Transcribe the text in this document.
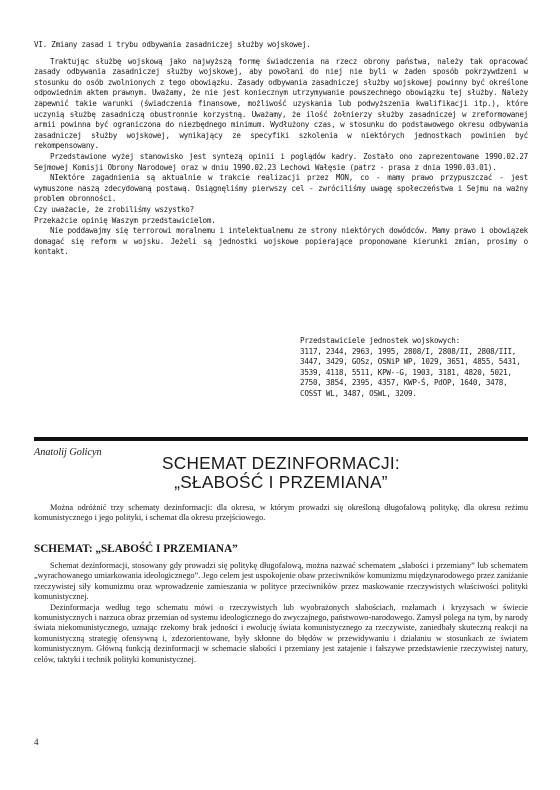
VI. Zmiany zasad i trybu odbywania zasadniczej służby wojskowej.

Traktując służbę wojskową jako najwyższą formę świadczenia na rzecz obrony państwa, należy tak opracować zasady odbywania zasadniczej służby wojskowej, aby powołani do niej nie byli w żaden sposób pokrzywdzeni w stosunku do osób zwolnionych z tego obowiązku. Zasady odbywania zasadniczej służby wojskowej powinny być określone odpowiednim aktem prawnym. Uważamy, że nie jest koniecznym utrzymywanie powszechnego obowiązku tej służby. Należy zapewnić takie warunki (świadczenia finansowe, możliwość uzyskania lub podwyższenia kwalifikacji itp.), które uczynią służbę zasadniczą obustronnie korzystną. Uważamy, że ilość żołnierzy służby zasadniczej w zreformowanej armii powinna być ograniczona do niezbędnego minimum. Wydłużony czas, w stosunku do podstawowego okresu odbywania zasadniczej służby wojskowej, wynikający ze specyfiki szkolenia w niektórych jednostkach powinien być rekompensowany.

Przedstawione wyżej stanowisko jest syntezą opinii i poglądów kadry. Zostało ono zaprezentowane 1990.02.27 Sejmowej Komisji Obrony Narodowej oraz w dniu 1990.02.23 Lechowi Wałęsie (patrz - prasa z dnia 1990.03.01).

NIektóre zagadnienia są aktualnie w trakcie realizacji przez MON, co - mamy prawo przypuszczać - jest wymuszone naszą zdecydowaną postawą. Osiągnęliśmy pierwszy cel - zwróciliśmy uwagę społeczeństwa i Sejmu na ważny problem obronności.

Czy uważacie, że zrobiliśmy wszystko?

Przekażcie opinię Waszym przedstawicielom.

Nie poddawajmy się terrorowi moralnemu i intelektualnemu ze strony niektórych dowódców. Mamy prawo i obowiązek domagać się reform w wojsku. Jeżeli są jednostki wojskowe popierające proponowane kierunki zmian, prosimy o kontakt.

Przedstawiciele jednostek wojskowych:

3117, 2344, 2963, 1995, 2808/I, 2808/II, 2808/III, 3447, 3429, GOSz, OSNiP WP, 1029, 3651, 4855, 5431, 3539, 4118, 5511, KPW--G, 1903, 3181, 4820, 5021, 2750, 3854, 2395, 4357, KWP-Ś, PdOP, 1640, 3478, COSST WL, 3487, OSWL, 3209.

Anatolij Golicyn

SCHEMAT DEZINFORMACJI:
„SŁABOŚĆ I PRZEMIANA”

Można odróżnić trzy schematy dezinformacji: dla okresu, w którym prowadzi się określoną długofalową politykę, dla okresu reżimu komunistycznego i jego polityki, i schemat dla okresu przejściowego.

SCHEMAT: „SŁABOŚĆ I PRZEMIANA”

Schemat dezinformacji, stosowany gdy prowadzi się politykę długofalową, można nazwać schematem „słabości i przemiany” lub schematem „wyrachowanego umiarkowania ideologicznego”. Jego celem jest uspokojenie obaw przeciwników komunizmu międzynarodowego przez zaniżanie rzeczywistej siły komunizmu oraz wprowadzenie zamieszania w polityce przeciwników przez maskowanie rzeczywistych właściwości polityki komunistycznej.

Dezinformacja według tego schematu mówi o rzeczywistych lub wyobrażonych słabościach, rozłamach i kryzysach w świecie komunistycznych i narzuca obraz przemian od systemu ideologicznego do zwyczajnego, państwowo-narodowego. Zamysł polega na tym, by narody świata niekomunistycznego, uznając rzekomy brak jedności i ewolucję świata komunistycznego za rzeczywiste, zaniedbały skuteczną reakcji na komunistyczną strategię ofensywną i, zdezorientowane, były skłonne do błędów w przewidywaniu i działaniu w stosunkach ze światem komunistycznym. Główną funkcją dezinformacji w schemacie słabości i przemiany jest zatajenie i fałszywe przedstawienie rzeczywistej natury, celów, taktyki i technik polityki komunistycznej.

4
